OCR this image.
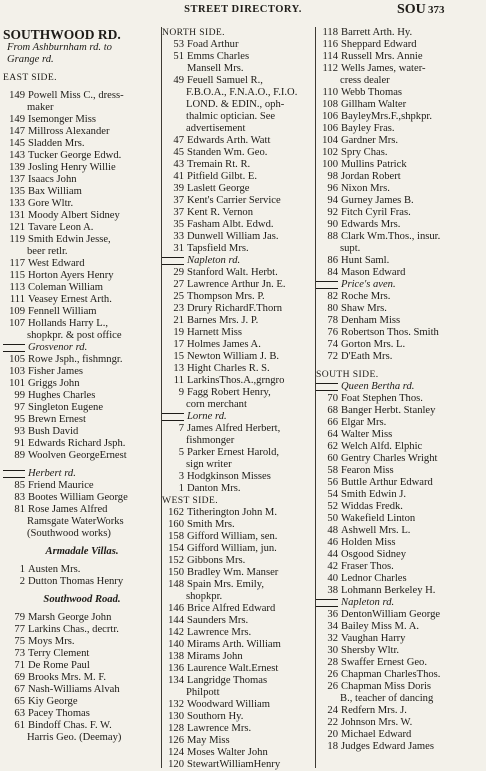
STREET DIRECTORY.	SOU 373
SOUTHWOOD RD.
From Ashburnham rd. to
Grange rd.
EAST SIDE.
149 Powell Miss C., dress-
maker
149 Isemonger Miss
147 Millross Alexander
145 Sladden Mrs.
143 Tucker George Edwd.
139 Josling Henry Willie
137 Isaacs John
135 Bax William
133 Gore Wltr.
131 Moody Albert Sidney
121 Tavare Leon A.
119 Smith Edwin Jesse,
beer retlr.
117 West Edward
115 Horton Ayers Henry
113 Coleman William
111 Veasey Ernest Arth.
109 Fennell William
107 Hollands Harry L.,
shopkpr. & post office
Grosvenor rd.
105 Rowe Jsph., fishmngr.
103 Fisher James
101 Griggs John
99 Hughes Charles
97 Singleton Eugene
95 Brewn Ernest
93 Bush David
91 Edwards Richard Jsph.
89 Woolven GeorgeErnest
Herbert rd.
85 Friend Maurice
83 Bootes William George
81 Rose James Alfred
Ramsgate WaterWorks
(Southwood works)
Armadale Villas.
1 Austen Mrs.
2 Dutton Thomas Henry
Southwood Road.
79 Marsh George John
77 Larkins Chas., decrtr.
75 Moys Mrs.
73 Terry Clement
71 De Rome Paul
69 Brooks Mrs. M. F.
67 Nash-Williams Alvah
65 Kiy George
63 Pacey Thomas
61 Bindoff Chas. F. W.
Harris Geo. (Deemay)
NORTH SIDE.
53 Foad Arthur
51 Emms Charles
Mansell Mrs.
49 Feuell Samuel R.,
F.B.O.A., F.N.A.O., F.I.O.
LOND. & EDIN., oph-
thalmic optician. See
advertisement
47 Edwards Arth. Watt
45 Standen Wm. Geo.
43 Tremain Rt. R.
41 Pitfield Gilbt. E.
39 Laslett George
37 Kent's Carrier Service
37 Kent R. Vernon
35 Fasham Albt. Edwd.
33 Dunwell William Jas.
31 Tapsfield Mrs.
Napleton rd.
29 Stanford Walt. Herbt.
27 Lawrence Arthur Jn. E.
25 Thompson Mrs. P.
23 Drury RichardF.Thorn
21 Barnes Mrs. J. P.
19 Harnett Miss
17 Holmes James A.
15 Newton William J. B.
13 Hight Charles R. S.
11 LarkinsThos.A.,grngro
9 Fagg Robert Henry,
corn merchant
Lorne rd.
7 James Alfred Herbert,
fishmonger
5 Parker Ernest Harold,
sign writer
3 Hodgkinson Misses
1 Danton Mrs.
WEST SIDE.
162 Titherington John M.
160 Smith Mrs.
158 Gifford William, sen.
154 Gifford William, jun.
152 Gibbons Mrs.
150 Bradley Wm. Manser
148 Spain Mrs. Emily,
shopkpr.
146 Brice Alfred Edward
144 Saunders Mrs.
142 Lawrence Mrs.
140 Mirams Arth. William
138 Mirams John
136 Laurence Walt.Ernest
134 Langridge Thomas
Philpott
132 Woodward William
130 Southorn Hy.
128 Lawrence Mrs.
126 May Miss
124 Moses Walter John
120 StewartWilliamHenry
118 Barrett Arth. Hy.
116 Sheppard Edward
114 Russell Mrs. Annie
112 Wells James, water-
cress dealer
110 Webb Thomas
108 Gillham Walter
106 BayleyMrs.F.,shpkpr.
106 Bayley Fras.
104 Gardner Mrs.
102 Spry Chas.
100 Mullins Patrick
98 Jordan Robert
96 Nixon Mrs.
94 Gurney James B.
92 Fitch Cyril Fras.
90 Edwards Mrs.
88 Clark Wm.Thos., insur.
supt.
86 Hunt Saml.
84 Mason Edward
Price's aven.
82 Roche Mrs.
80 Shaw Mrs.
78 Denham Miss
76 Robertson Thos. Smith
74 Gorton Mrs. L.
72 D'Eath Mrs.
SOUTH SIDE.
Queen Bertha rd.
70 Foat Stephen Thos.
68 Banger Herbt. Stanley
66 Elgar Mrs.
64 Walter Miss
62 Welch Alfd. Elphic
60 Gentry Charles Wright
58 Fearon Miss
56 Buttle Arthur Edward
54 Smith Edwin J.
52 Widdas Fredk.
50 Wakefield Linton
48 Ashwell Mrs. L.
46 Holden Miss
44 Osgood Sidney
42 Fraser Thos.
40 Lednor Charles
38 Lohmann Berkeley H.
Napleton rd.
36 DentonWilliam George
34 Bailey Miss M. A.
32 Vaughan Harry
30 Shersby Wltr.
28 Swaffer Ernest Geo.
26 Chapman CharlesThos.
26 Chapman Miss Doris
B., teacher of dancing
24 Redfern Mrs. J.
22 Johnson Mrs. W.
20 Michael Edward
18 Judges Edward James
